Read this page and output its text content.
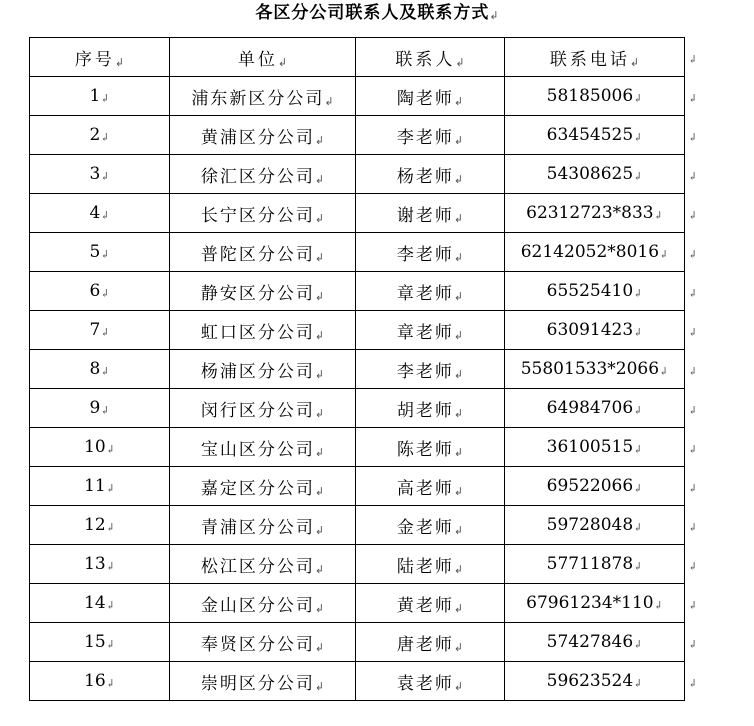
各区分公司联系人及联系方式↲
序号↲	单位↲	联系人↲	联系电话↲
1↲	浦东新区分公司↲	陶老师↲	58185006↲
2↲	黄浦区分公司↲	李老师↲	63454525↲
3↲	徐汇区分公司↲	杨老师↲	54308625↲
4↲	长宁区分公司↲	谢老师↲	62312723*833↲
5↲	普陀区分公司↲	李老师↲	62142052*8016↲
6↲	静安区分公司↲	章老师↲	65525410↲
7↲	虹口区分公司↲	章老师↲	63091423↲
8↲	杨浦区分公司↲	李老师↲	55801533*2066↲
9↲	闵行区分公司↲	胡老师↲	64984706↲
10↲	宝山区分公司↲	陈老师↲	36100515↲
11↲	嘉定区分公司↲	高老师↲	69522066↲
12↲	青浦区分公司↲	金老师↲	59728048↲
13↲	松江区分公司↲	陆老师↲	57711878↲
14↲	金山区分公司↲	黄老师↲	67961234*110↲
15↲	奉贤区分公司↲	唐老师↲	57427846↲
16↲	崇明区分公司↲	袁老师↲	59623524↲
↲
↲
↲
↲
↲
↲
↲
↲
↲
↲
↲
↲
↲
↲
↲
↲
↲
